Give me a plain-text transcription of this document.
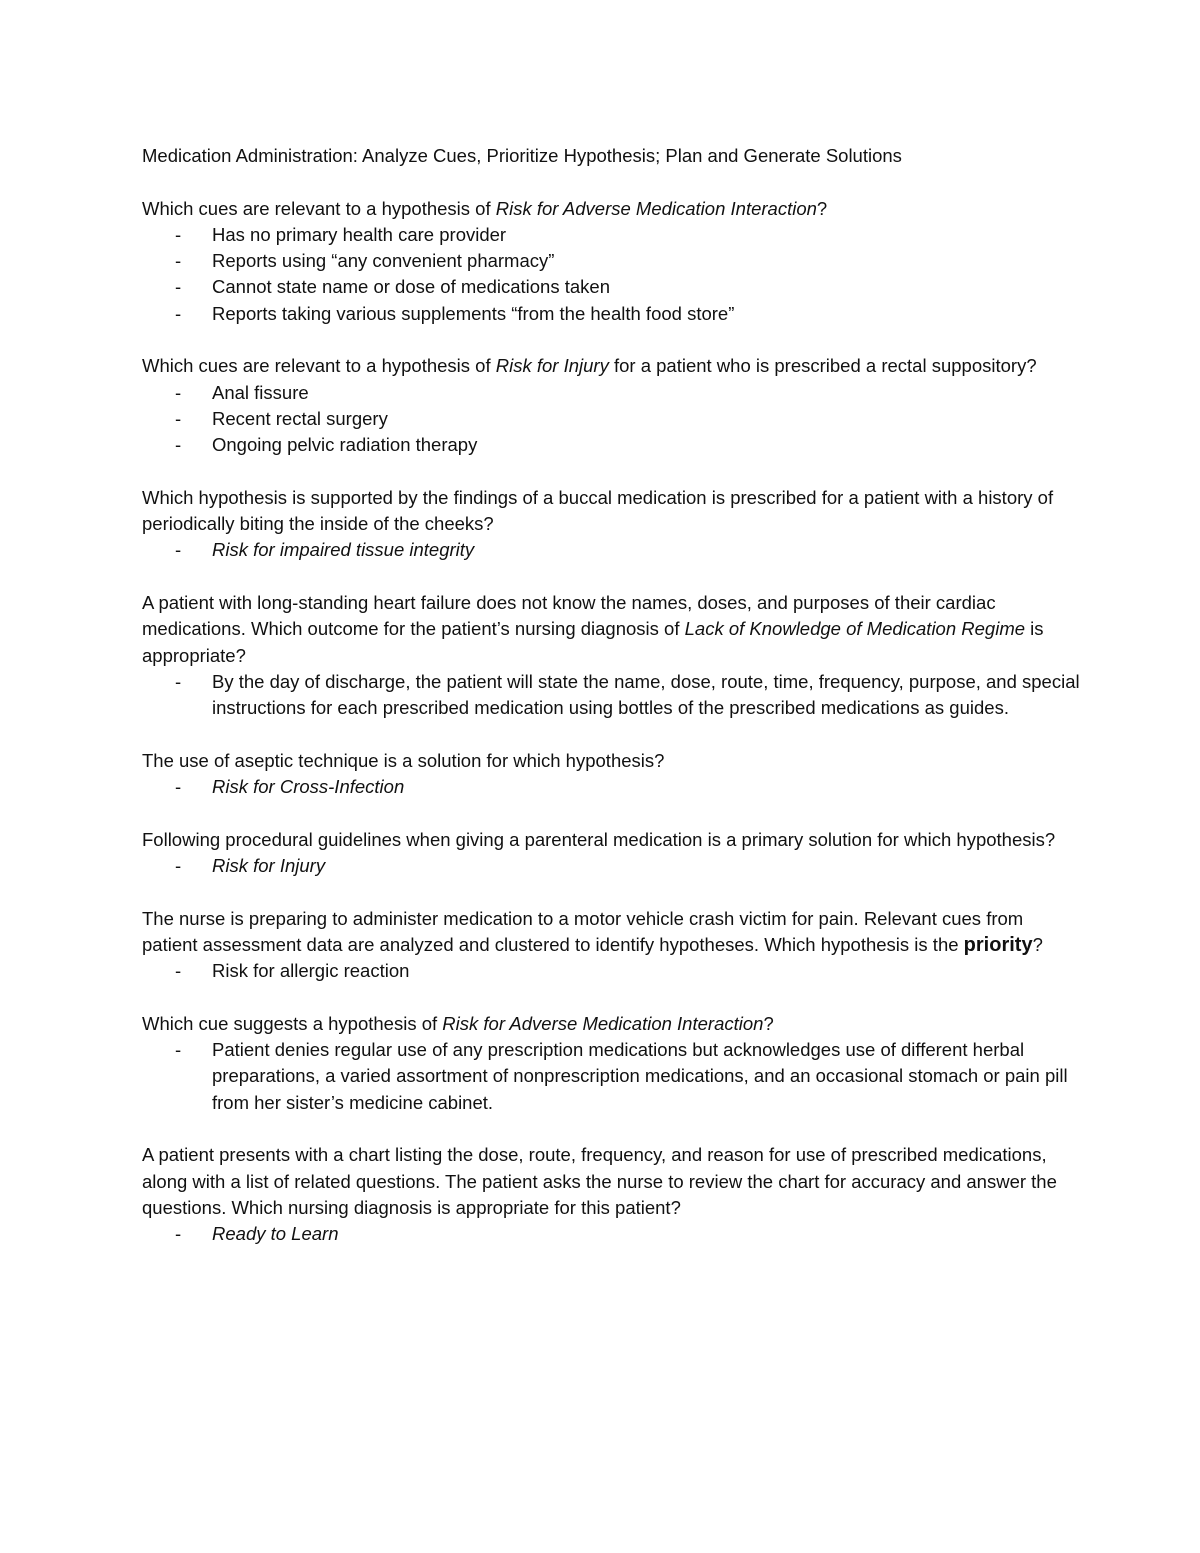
Medication Administration: Analyze Cues, Prioritize Hypothesis; Plan and Generate Solutions

Which cues are relevant to a hypothesis of Risk for Adverse Medication Interaction?

- Has no primary health care provider
- Reports using “any convenient pharmacy”
- Cannot state name or dose of medications taken
- Reports taking various supplements “from the health food store”

Which cues are relevant to a hypothesis of Risk for Injury for a patient who is prescribed a rectal suppository?

- Anal fissure
- Recent rectal surgery
- Ongoing pelvic radiation therapy

Which hypothesis is supported by the findings of a buccal medication is prescribed for a patient with a history of periodically biting the inside of the cheeks?

- Risk for impaired tissue integrity

A patient with long-standing heart failure does not know the names, doses, and purposes of their cardiac medications. Which outcome for the patient’s nursing diagnosis of Lack of Knowledge of Medication Regime is appropriate?

- By the day of discharge, the patient will state the name, dose, route, time, frequency, purpose, and special instructions for each prescribed medication using bottles of the prescribed medications as guides.

The use of aseptic technique is a solution for which hypothesis?

- Risk for Cross-Infection

Following procedural guidelines when giving a parenteral medication is a primary solution for which hypothesis?

- Risk for Injury

The nurse is preparing to administer medication to a motor vehicle crash victim for pain. Relevant cues from patient assessment data are analyzed and clustered to identify hypotheses. Which hypothesis is the priority?

- Risk for allergic reaction

Which cue suggests a hypothesis of Risk for Adverse Medication Interaction?

- Patient denies regular use of any prescription medications but acknowledges use of different herbal preparations, a varied assortment of nonprescription medications, and an occasional stomach or pain pill from her sister’s medicine cabinet.

A patient presents with a chart listing the dose, route, frequency, and reason for use of prescribed medications, along with a list of related questions. The patient asks the nurse to review the chart for accuracy and answer the questions. Which nursing diagnosis is appropriate for this patient?

- Ready to Learn
